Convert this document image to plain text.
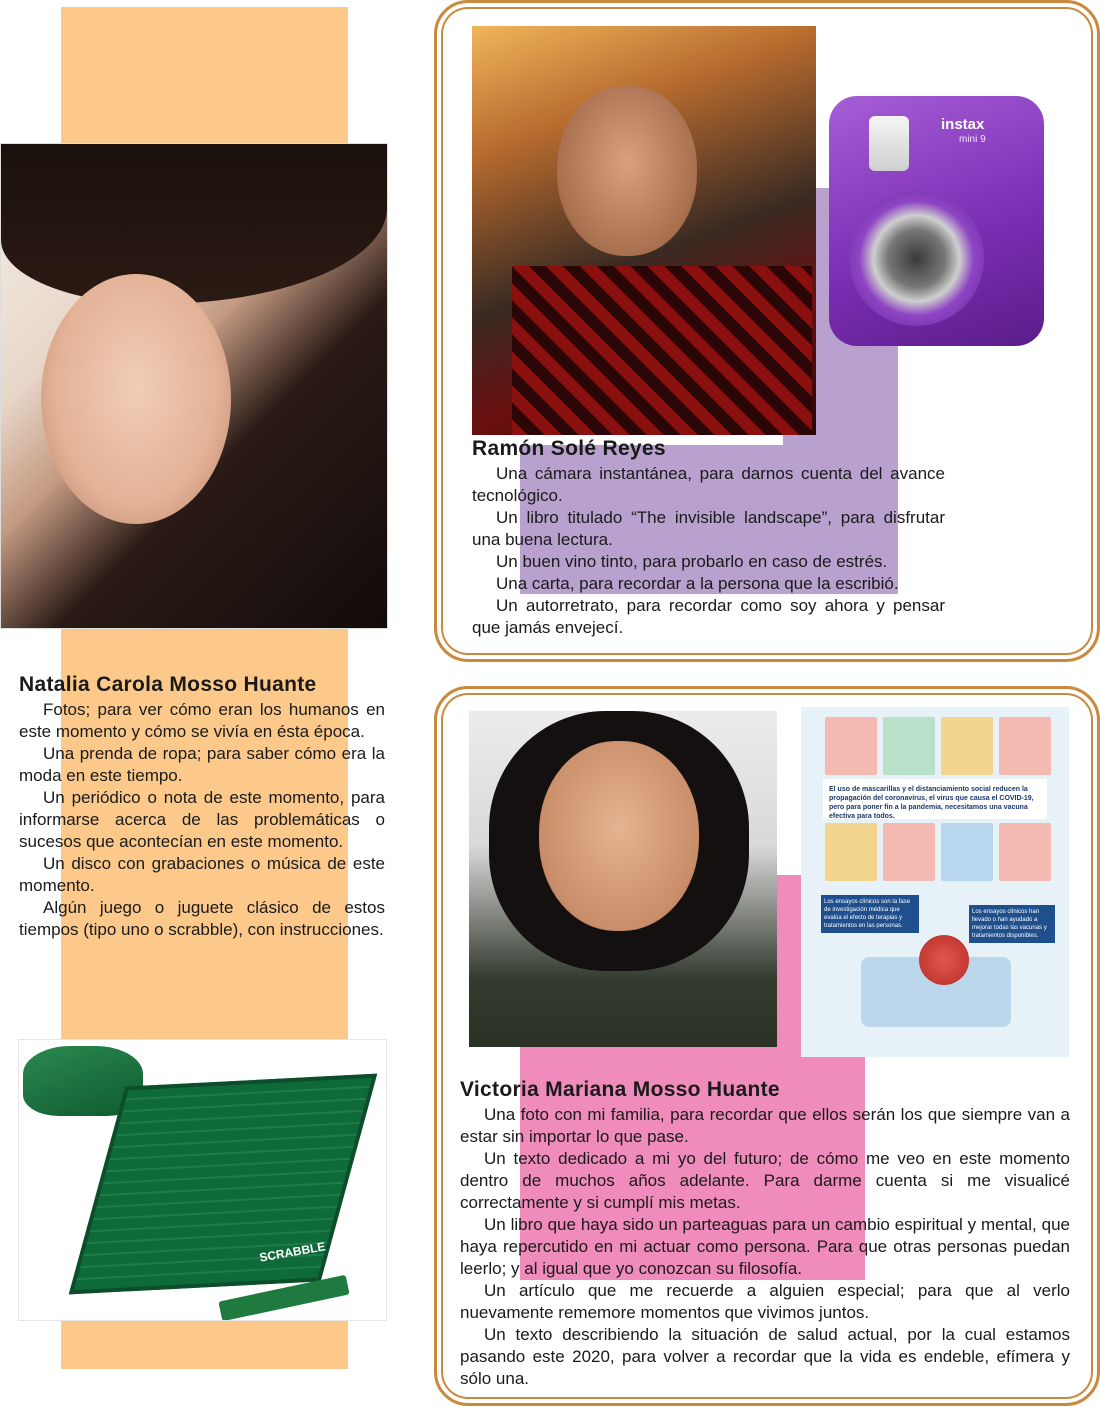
Natalia Carola Mosso Huante

Fotos; para ver cómo eran los humanos en este momento y cómo se vivía en ésta época.

Una prenda de ropa; para saber cómo era la moda en este tiempo.

Un periódico o nota de este momento, para informarse acerca de las problemáticas o sucesos que acontecían en este momento.

Un disco con grabaciones o música de este momento.

Algún juego o juguete clásico de estos tiempos (tipo uno o scrabble), con instrucciones.

SCRABBLE
instax
mini 9
Ramón Solé Reyes

Una cámara instantánea, para darnos cuenta del avance tecnológico.

Un libro titulado “The invisible landscape”, para disfrutar una buena lectura.

Un buen vino tinto, para probarlo en caso de estrés.

Una carta, para recordar a la persona que la escribió.

Un autorretrato, para recordar como soy ahora y pensar que jamás envejecí.

El uso de mascarillas y el distanciamiento social reducen la propagación del coronavirus, el virus que causa el COVID-19, pero para poner fin a la pandemia, necesitamos una vacuna efectiva para todos.
Los ensayos clínicos son la fase de investigación médica que evalúa el efecto de terapias y tratamientos en las personas.
Los ensayos clínicos han llevado o han ayudado a mejorar todas las vacunas y tratamientos disponibles.
Victoria Mariana Mosso Huante

Una foto con mi familia, para recordar que ellos serán los que siempre van a estar sin importar lo que pase.

Un texto dedicado a mi yo del futuro; de cómo me veo en este momento dentro de muchos años adelante. Para darme cuenta si me visualicé correctamente y si cumplí mis metas.

Un libro que haya sido un parteaguas para un cambio espiritual y mental, que haya repercutido en mi actuar como persona. Para que otras personas puedan leerlo; y al igual que yo conozcan su filosofía.

Un artículo que me recuerde a alguien especial; para que al verlo nuevamente rememore momentos que vivimos juntos.

Un texto describiendo la situación de salud actual, por la cual estamos pasando este 2020, para volver a recordar que la vida es endeble, efímera y sólo una.
